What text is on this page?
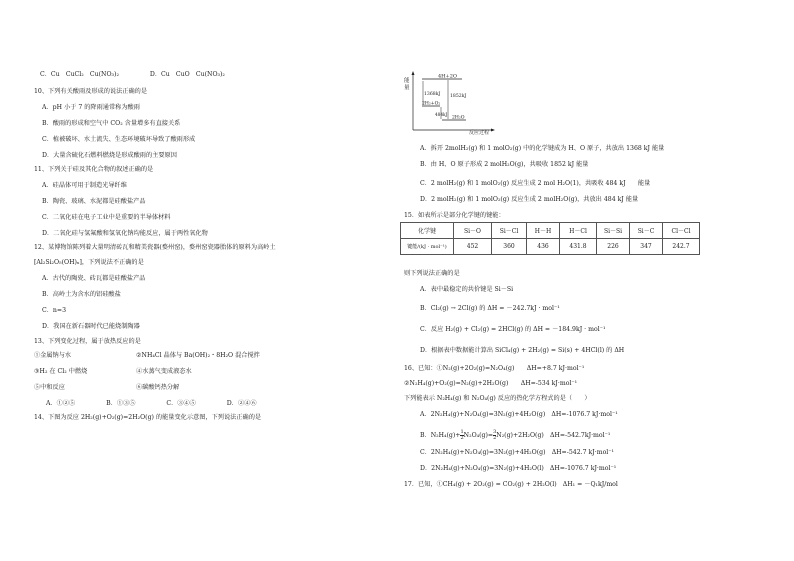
C．Cu　CuCl₂　Cu(NO₃)₂　　　　　D．Cu　CuO　Cu(NO₃)₂
10、下列有关酸雨及形成的说法正确的是
A．pH 小于 7 的降雨通常称为酸雨
B．酸雨的形成和空气中 CO₂ 含量增多有直接关系
C．植被破坏、水土流失、生态环境破坏导致了酸雨形成
D．大量含硫化石燃料燃烧是形成酸雨的主要原因
11、下列关于硅及其化合物的叙述正确的是
A．硅晶体可用于制造光导纤维
B．陶瓷、玻璃、水泥都是硅酸盐产品
C．二氧化硅在电子工业中是重要的半导体材料
D．二氧化硅与氢氟酸和氢氧化钠均能反应，属于两性氧化物
12、某博物馆陈列着大量明清砖瓦和精美瓷器(婺州窑)，婺州窑瓷器胎体的原料为高岭土
[Al₂Si₂O₅(OH)ₓ]，下列说法不正确的是
A．古代的陶瓷、砖瓦都是硅酸盐产品
B．高岭土为含水的铝硅酸盐
C．n=3
D．我国在新石器时代已能烧制陶器
13、下列变化过程，属于放热反应的是
①金属钠与水	②NH₄Cl 晶体与 Ba(OH)₂・8H₂O 混合搅拌
③H₂ 在 Cl₂ 中燃烧	④水蒸气变成液态水
⑤中和反应	⑥碳酸钙热分解
A．①②⑤　　　　　B．①③⑤　　　　　C．③④⑤　　　　　D．②④⑥
14、下图为反应 2H₂(g)+O₂(g)=2H₂O(g) 的能量变化示意图，下列说法正确的是
能
量
4H+2O
2H₂+O₂
2H₂O
1368kJ 1852kJ
484kJ
反应过程
A．拆开 2molH₂(g) 和 1 molO₂(g) 中的化学键成为 H、O 原子，共放出 1368 kJ 能量
B．由 H、O 原子形成 2 molH₂O(g)，共吸收 1852 kJ 能量
C．2 molH₂(g) 和 1 molO₂(g) 反应生成 2 mol H₂O(1)，共吸收 484 kJ　　能量
D．2 molH₂(g) 和 1 molO₂(g) 反应生成 2 molH₂O(g)，共放出 484 kJ 能量
15．如表所示是部分化学键的键能：
化学键	Si－O	Si－Cl	H－H	H－Cl	Si－Si	Si－C	Cl－Cl
键能/(kJ · mol⁻¹)	452	360	436	431.8	226	347	242.7
则下列说法正确的是
A．表中最稳定的共价键是 Si－Si
B．Cl₂(g) → 2Cl(g) 的 ΔH = －242.7kJ · mol⁻¹
C．反应 H₂(g) + Cl₂(g) = 2HCl(g) 的 ΔH = －184.9kJ · mol⁻¹
D．根据表中数据能计算出 SiCl₄(g) + 2H₂(g) = Si(s) + 4HCl(l) 的 ΔH
16、已知：①N₂(g)+2O₂(g)=N₂O₄(g)　　ΔH=+8.7 kJ·mol⁻¹
②N₂H₄(g)+O₂(g)=N₂(g)+2H₂O(g)　　ΔH=-534 kJ·mol⁻¹
下列能表示 N₂H₄(g) 和 N₂O₄(g) 反应的热化学方程式的是（　　）
A．2N₂H₄(g)+N₂O₄(g)=3N₂(g)+4H₂O(g)　ΔH=-1076.7 kJ·mol⁻¹
B．$N_2H_4(g)+ \frac{1}{2} N_2O_4(g)= \frac{3}{2} N_2(g)+2H_2O(g)$　ΔH=-542.7kJ·mol⁻¹
C．2N₂H₄(g)+N₂O₄(g)=3N₂(g)+4H₂O(g)　ΔH=-542.7 kJ·mol⁻¹
D．2N₂H₄(g)+N₂O₄(g)=3N₂(g)+4H₂O(l)　ΔH=-1076.7 kJ·mol⁻¹
17．已知，①CH₄(g) + 2O₂(g) = CO₂(g) + 2H₂O(l)　ΔH₁ = －Q₁kJ/mol
